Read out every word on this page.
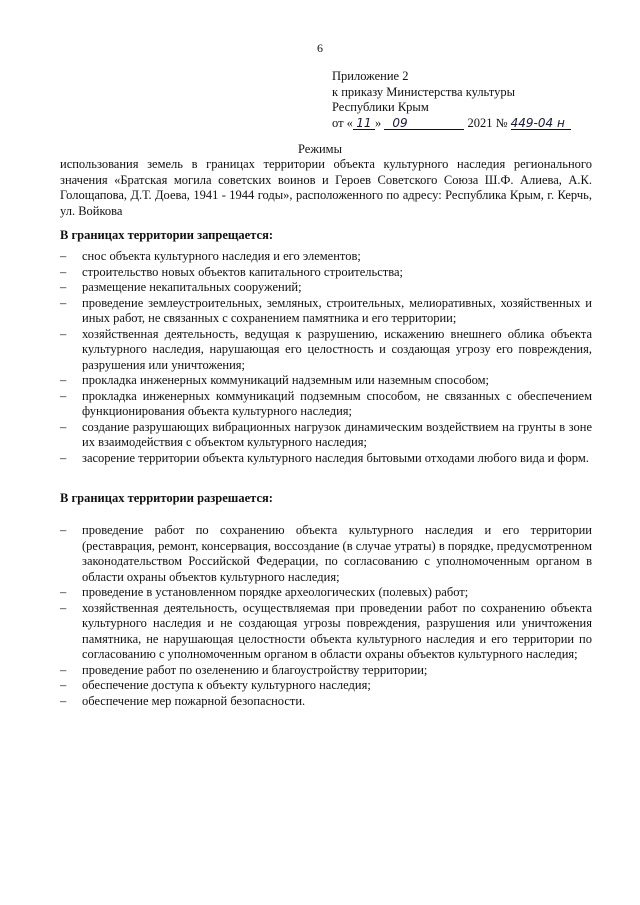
6
Приложение 2
к приказу Министерства культуры
Республики Крым
от « 11 » 09	2021 № 449-04 н
Режимы
использования земель в границах территории объекта культурного наследия регионального значения «Братская могила советских воинов и Героев Советского Союза Ш.Ф. Алиева, А.К. Голощапова, Д.Т. Доева, 1941 - 1944 годы», расположенного по адресу: Республика Крым, г. Керчь, ул. Войкова
В границах территории запрещается:
– снос объекта культурного наследия и его элементов;
– строительство новых объектов капитального строительства;
– размещение некапитальных сооружений;
– проведение землеустроительных, земляных, строительных, мелиоративных, хозяйственных и иных работ, не связанных с сохранением памятника и его территории;
– хозяйственная деятельность, ведущая к разрушению, искажению внешнего облика объекта культурного наследия, нарушающая его целостность и создающая угрозу его повреждения, разрушения или уничтожения;
– прокладка инженерных коммуникаций надземным или наземным способом;
– прокладка инженерных коммуникаций подземным способом, не связанных с обеспечением функционирования объекта культурного наследия;
– создание разрушающих вибрационных нагрузок динамическим воздействием на грунты в зоне их взаимодействия с объектом культурного наследия;
– засорение территории объекта культурного наследия бытовыми отходами любого вида и форм.
В границах территории разрешается:
– проведение работ по сохранению объекта культурного наследия и его территории (реставрация, ремонт, консервация, воссоздание (в случае утраты) в порядке, предусмотренном законодательством Российской Федерации, по согласованию с уполномоченным органом в области охраны объектов культурного наследия;
– проведение в установленном порядке археологических (полевых) работ;
– хозяйственная деятельность, осуществляемая при проведении работ по сохранению объекта культурного наследия и не создающая угрозы повреждения, разрушения или уничтожения памятника, не нарушающая целостности объекта культурного наследия и его территории по согласованию с уполномоченным органом в области охраны объектов культурного наследия;
– проведение работ по озеленению и благоустройству территории;
– обеспечение доступа к объекту культурного наследия;
– обеспечение мер пожарной безопасности.
